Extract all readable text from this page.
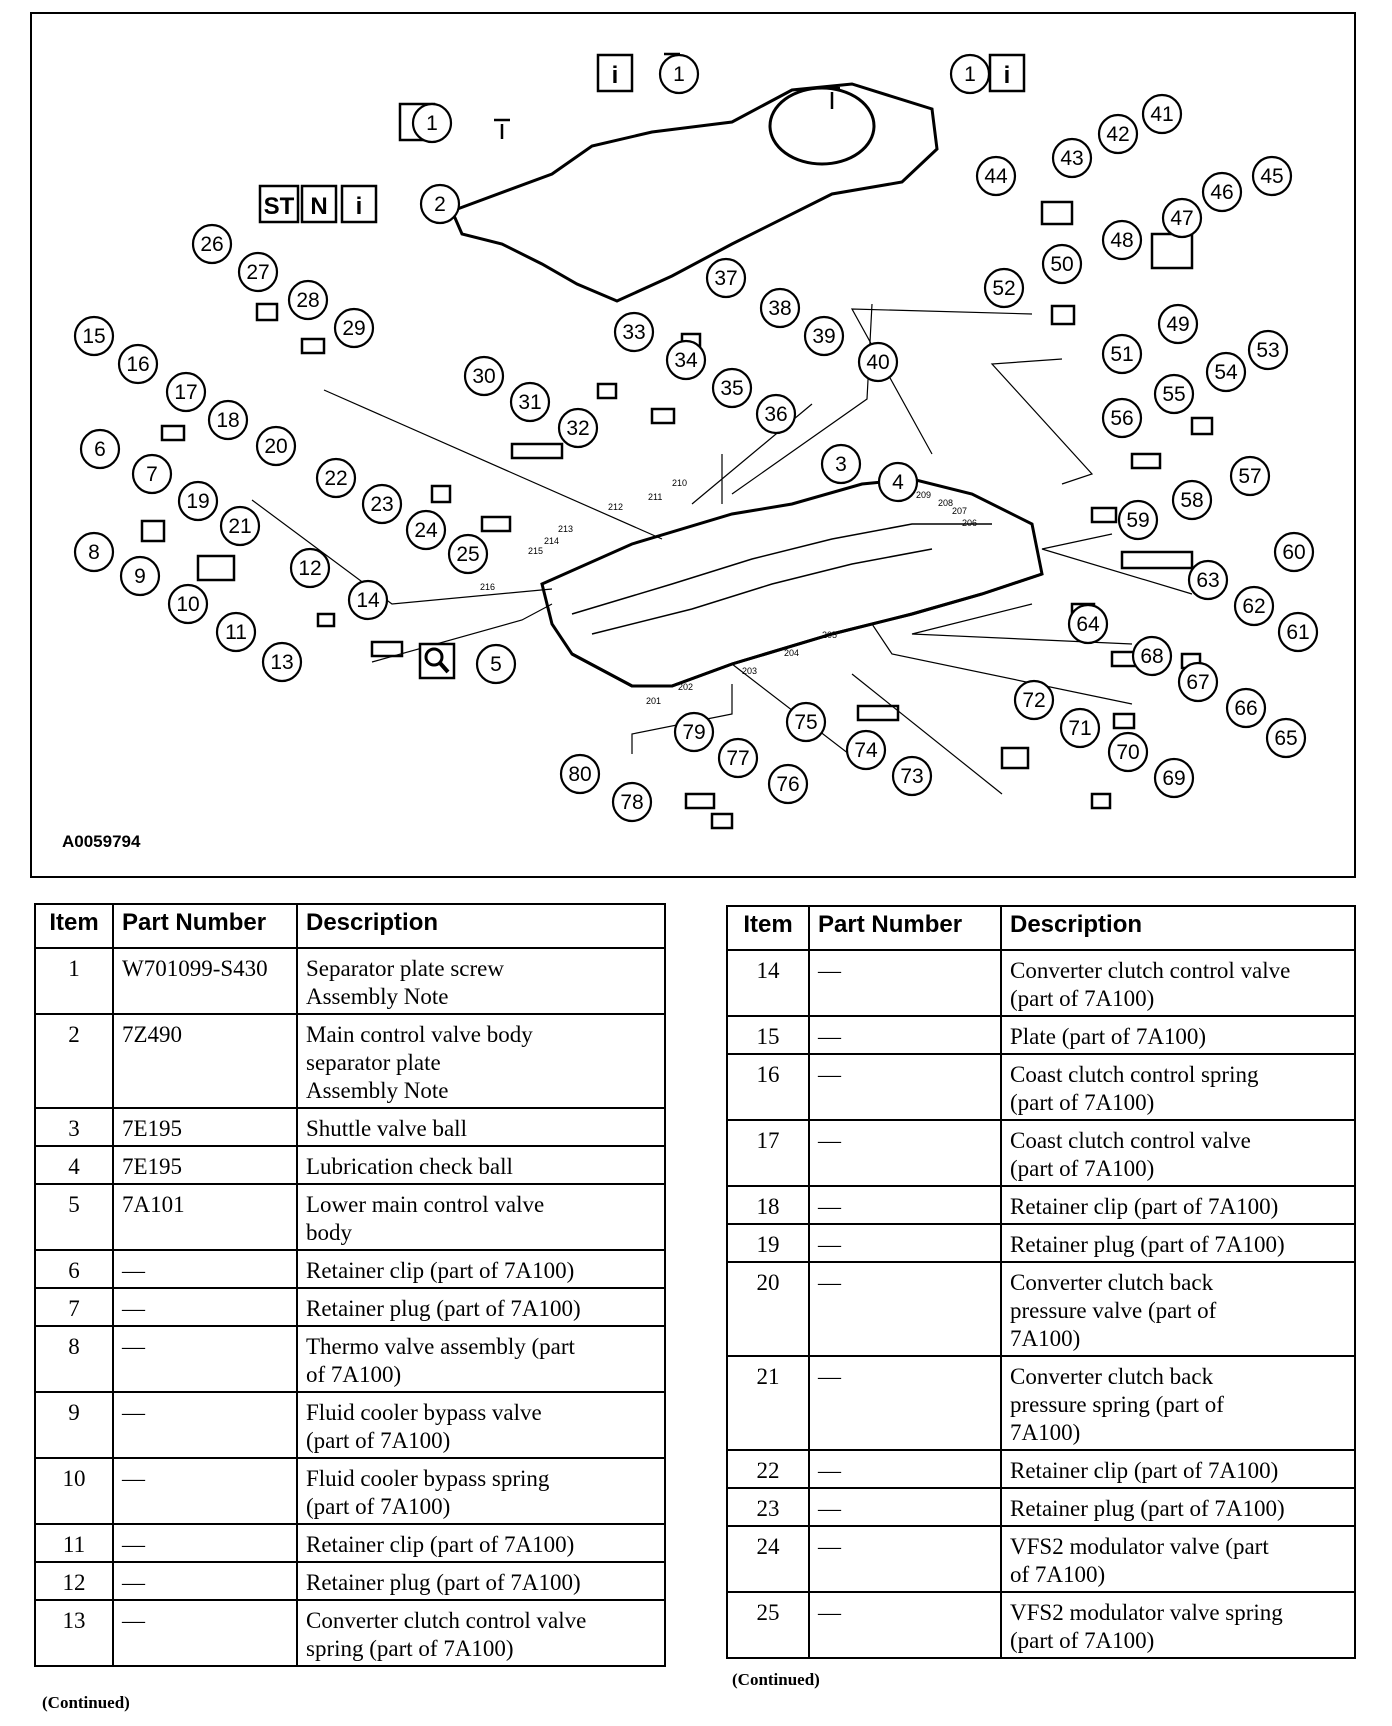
i	i
ST N i
1
1	1
2
3
4
5
6
7
8
9
10
11
12
13
14
15
16
17
18
19
20
21
22
23
24
25
26
27
28
29
30
31
32
33
34
35
36
37
38
39
40
41
42
43
44	45
46
47
48
49
50
51
52
53
54
55
56
57
58
59
60
61
62
63
64
65
66
67
68
69
70
71
72
73
74
75
76
77
78
79
80
201
202
203
204
205
206
207
208
209
210
211
212
213
214
215
216
A0059794
Item	Part Number	Description
1	W701099-S430	Separator plate screw
Assembly Note

2	7Z490	Main control valve body
separator plate
Assembly Note

3	7E195	Shuttle valve ball

4	7E195	Lubrication check ball

5	7A101	Lower main control valve
body

6	—	Retainer clip (part of 7A100)

7	—	Retainer plug (part of 7A100)

8	—	Thermo valve assembly (part
of 7A100)

9	—	Fluid cooler bypass valve
(part of 7A100)

10	—	Fluid cooler bypass spring
(part of 7A100)

11	—	Retainer clip (part of 7A100)

12	—	Retainer plug (part of 7A100)

13	—	Converter clutch control valve
spring (part of 7A100)
Item	Part Number	Description
14	—	Converter clutch control valve
(part of 7A100)

15	—	Plate (part of 7A100)

16	—	Coast clutch control spring
(part of 7A100)

17	—	Coast clutch control valve
(part of 7A100)

18	—	Retainer clip (part of 7A100)

19	—	Retainer plug (part of 7A100)

20	—	Converter clutch back
pressure valve (part of
7A100)

21	—	Converter clutch back
pressure spring (part of
7A100)

22	—	Retainer clip (part of 7A100)

23	—	Retainer plug (part of 7A100)

24	—	VFS2 modulator valve (part
of 7A100)

25	—	VFS2 modulator valve spring
(part of 7A100)
(Continued)
(Continued)
